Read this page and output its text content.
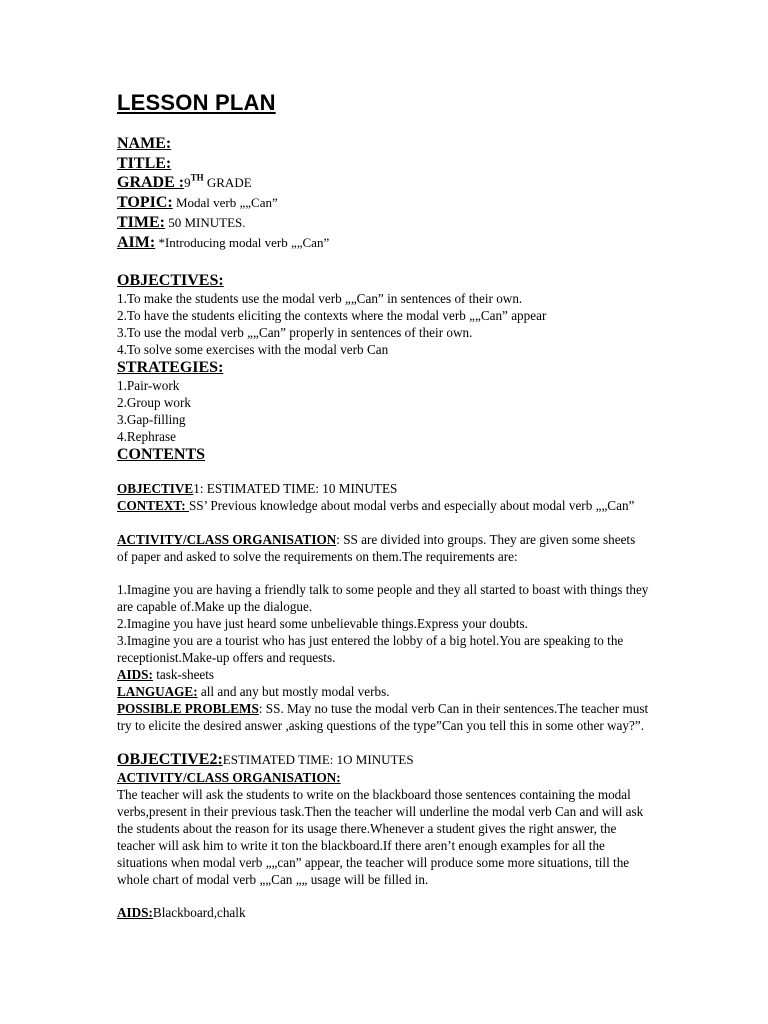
LESSON PLAN
NAME:
TITLE:
GRADE :9TH GRADE
TOPIC: Modal verb „„Can”
TIME: 50 MINUTES.
AIM: *Introducing modal verb „„Can”
OBJECTIVES:
1.To make the students use the modal verb „„Can” in sentences of their own.
2.To have the students eliciting the contexts where the modal verb „„Can” appear
3.To use the modal verb „„Can” properly in sentences of their own.
4.To solve some exercises with the modal verb Can
STRATEGIES:
1.Pair-work
2.Group work
3.Gap-filling
4.Rephrase
CONTENTS
OBJECTIVE1: ESTIMATED TIME: 10 MINUTES
CONTEXT: SS’ Previous knowledge about modal verbs and especially about modal verb „„Can”
ACTIVITY/CLASS ORGANISATION: SS are divided into groups. They are given some sheets of paper and asked to solve the requirements on them.The requirements are:
1.Imagine you are having a friendly talk to some people and they all started to boast with things they are capable of.Make up the dialogue.
2.Imagine you have just heard some unbelievable things.Express your doubts.
3.Imagine you are a tourist who has just entered the lobby of a big hotel.You are speaking to the receptionist.Make-up offers and requests.
AIDS: task-sheets
LANGUAGE: all and any but mostly modal verbs.
POSSIBLE PROBLEMS: SS. May no tuse the modal verb Can in their sentences.The teacher must try to elicite the desired answer ,asking questions of the type”Can you tell this in some other way?”.
OBJECTIVE2:ESTIMATED TIME: 1O MINUTES
ACTIVITY/CLASS ORGANISATION:
The teacher will ask the students to write on the blackboard those sentences containing the modal verbs,present in their previous task.Then the teacher will underline the modal verb Can and will ask the students about the reason for its usage there.Whenever a student gives the right answer, the teacher will ask him to write it ton the blackboard.If there aren’t enough examples for all the situations when modal verb „„can” appear, the teacher will produce some more situations, till the whole chart of modal verb „„Can „„ usage will be filled in.
AIDS:Blackboard,chalk
